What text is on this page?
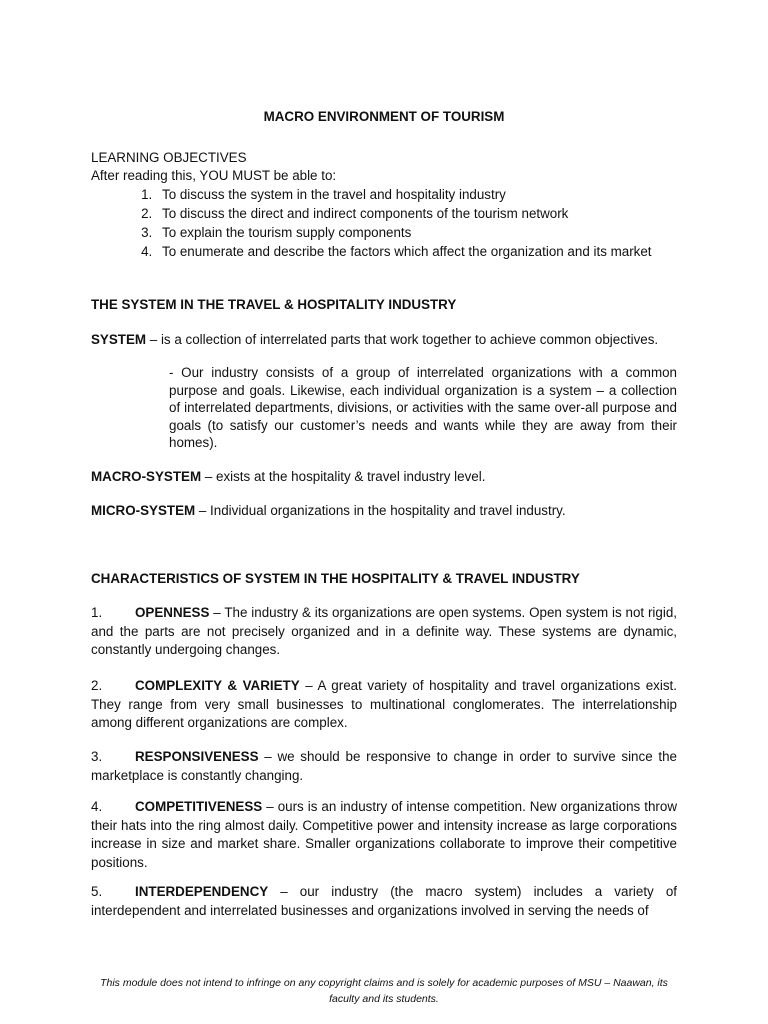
MACRO ENVIRONMENT OF TOURISM
LEARNING OBJECTIVES
After reading this, YOU MUST be able to:
1. To discuss the system in the travel and hospitality industry
2. To discuss the direct and indirect components of the tourism network
3. To explain the tourism supply components
4. To enumerate and describe the factors which affect the organization and its market
THE SYSTEM IN THE TRAVEL & HOSPITALITY INDUSTRY
SYSTEM – is a collection of interrelated parts that work together to achieve common objectives.
- Our industry consists of a group of interrelated organizations with a common purpose and goals. Likewise, each individual organization is a system – a collection of interrelated departments, divisions, or activities with the same over-all purpose and goals (to satisfy our customer’s needs and wants while they are away from their homes).
MACRO-SYSTEM – exists at the hospitality & travel industry level.
MICRO-SYSTEM – Individual organizations in the hospitality and travel industry.
CHARACTERISTICS OF SYSTEM IN THE HOSPITALITY & TRAVEL INDUSTRY
1. OPENNESS – The industry & its organizations are open systems. Open system is not rigid, and the parts are not precisely organized and in a definite way. These systems are dynamic, constantly undergoing changes.
2. COMPLEXITY & VARIETY – A great variety of hospitality and travel organizations exist. They range from very small businesses to multinational conglomerates. The interrelationship among different organizations are complex.
3. RESPONSIVENESS – we should be responsive to change in order to survive since the marketplace is constantly changing.
4. COMPETITIVENESS – ours is an industry of intense competition. New organizations throw their hats into the ring almost daily. Competitive power and intensity increase as large corporations increase in size and market share. Smaller organizations collaborate to improve their competitive positions.
5. INTERDEPENDENCY – our industry (the macro system) includes a variety of interdependent and interrelated businesses and organizations involved in serving the needs of
This module does not intend to infringe on any copyright claims and is solely for academic purposes of MSU – Naawan, its faculty and its students.
